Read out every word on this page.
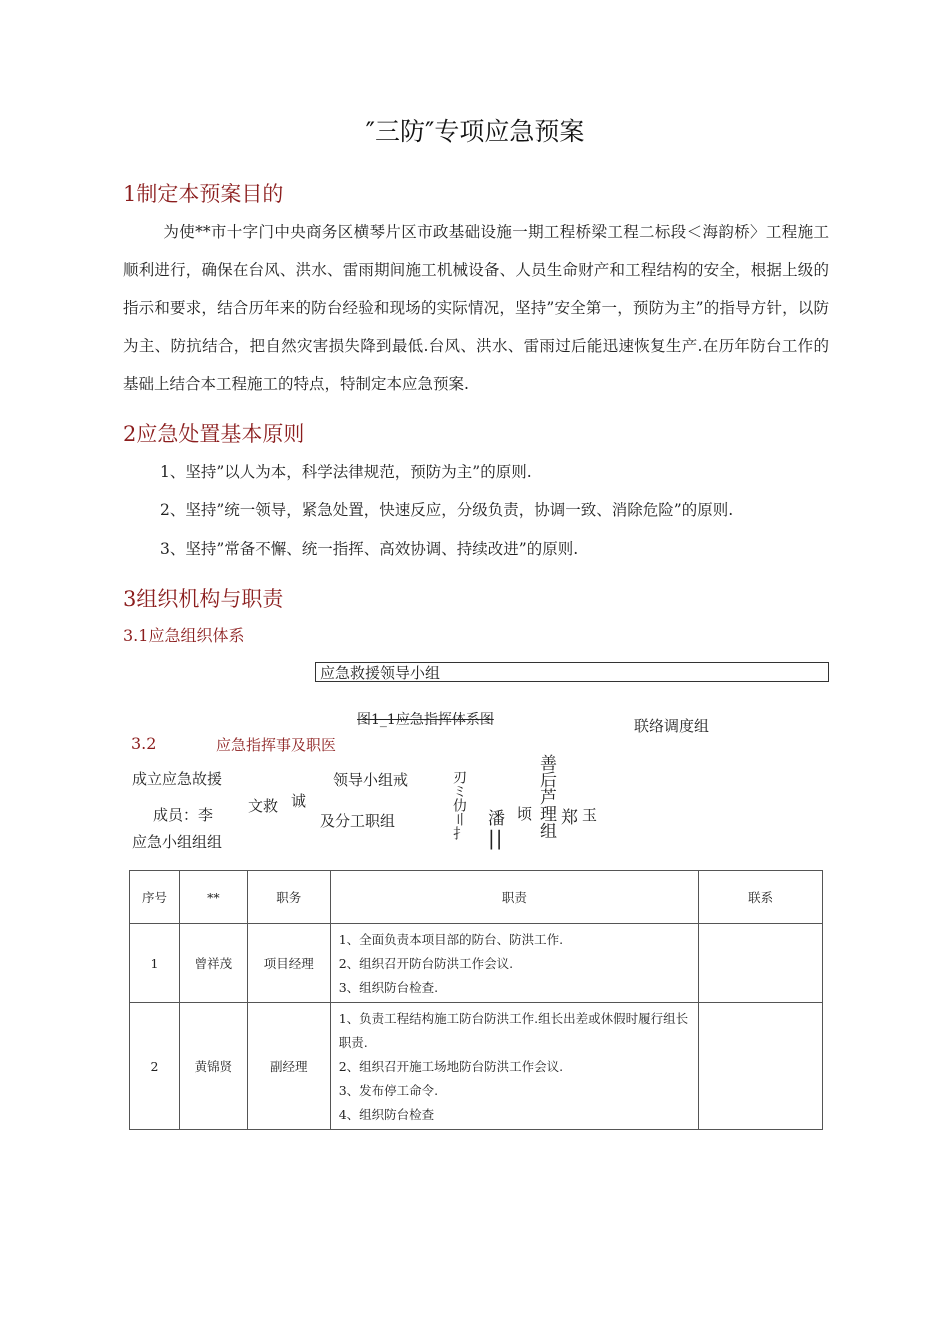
″三防″专项应急预案
1制定本预案目的
为使**市十字门中央商务区横琴片区市政基础设施一期工程桥梁工程二标段＜海韵桥〉工程施工顺利进行，确保在台风、洪水、雷雨期间施工机械设备、人员生命财产和工程结构的安全，根据上级的指示和要求，结合历年来的防台经验和现场的实际情况，坚持”安全第一，预防为主”的指导方针，以防为主、防抗结合，把自然灾害损失降到最低.台风、洪水、雷雨过后能迅速恢复生产.在历年防台工作的基础上结合本工程施工的特点，特制定本应急预案.
2应急处置基本原则
1、坚持”以人为本，科学法律规范，预防为主”的原则.
2、坚持”统一领导，紧急处置，快速反应，分级负责，协调一致、消除危险”的原则.
3、坚持”常备不懈、统一指挥、高效协调、持续改进”的原则.
3组织机构与职责
3.1应急组织体系
应急救援领导小组
图1_1应急指挥体系图	联络调度组
3.2	应急指挥事及职医
成立应急故援	领导小组戒
文救 诚
成员：李	及分工职组
应急小组组组
刃ミ仂〢扌	善后芦理组
潘
||
顷 郑 玉
序号	**	职务	职责	联系
1	曾祥茂	项目经理	1、全面负责本项目部的防台、防洪工作.
2、组织召开防台防洪工作会议.
3、组织防台检查.	

2	黄锦贤	副经理	1、负责工程结构施工防台防洪工作.组长出差或休假时履行组长职责.
2、组织召开施工场地防台防洪工作会议.
3、发布停工命令.
4、组织防台检查	
